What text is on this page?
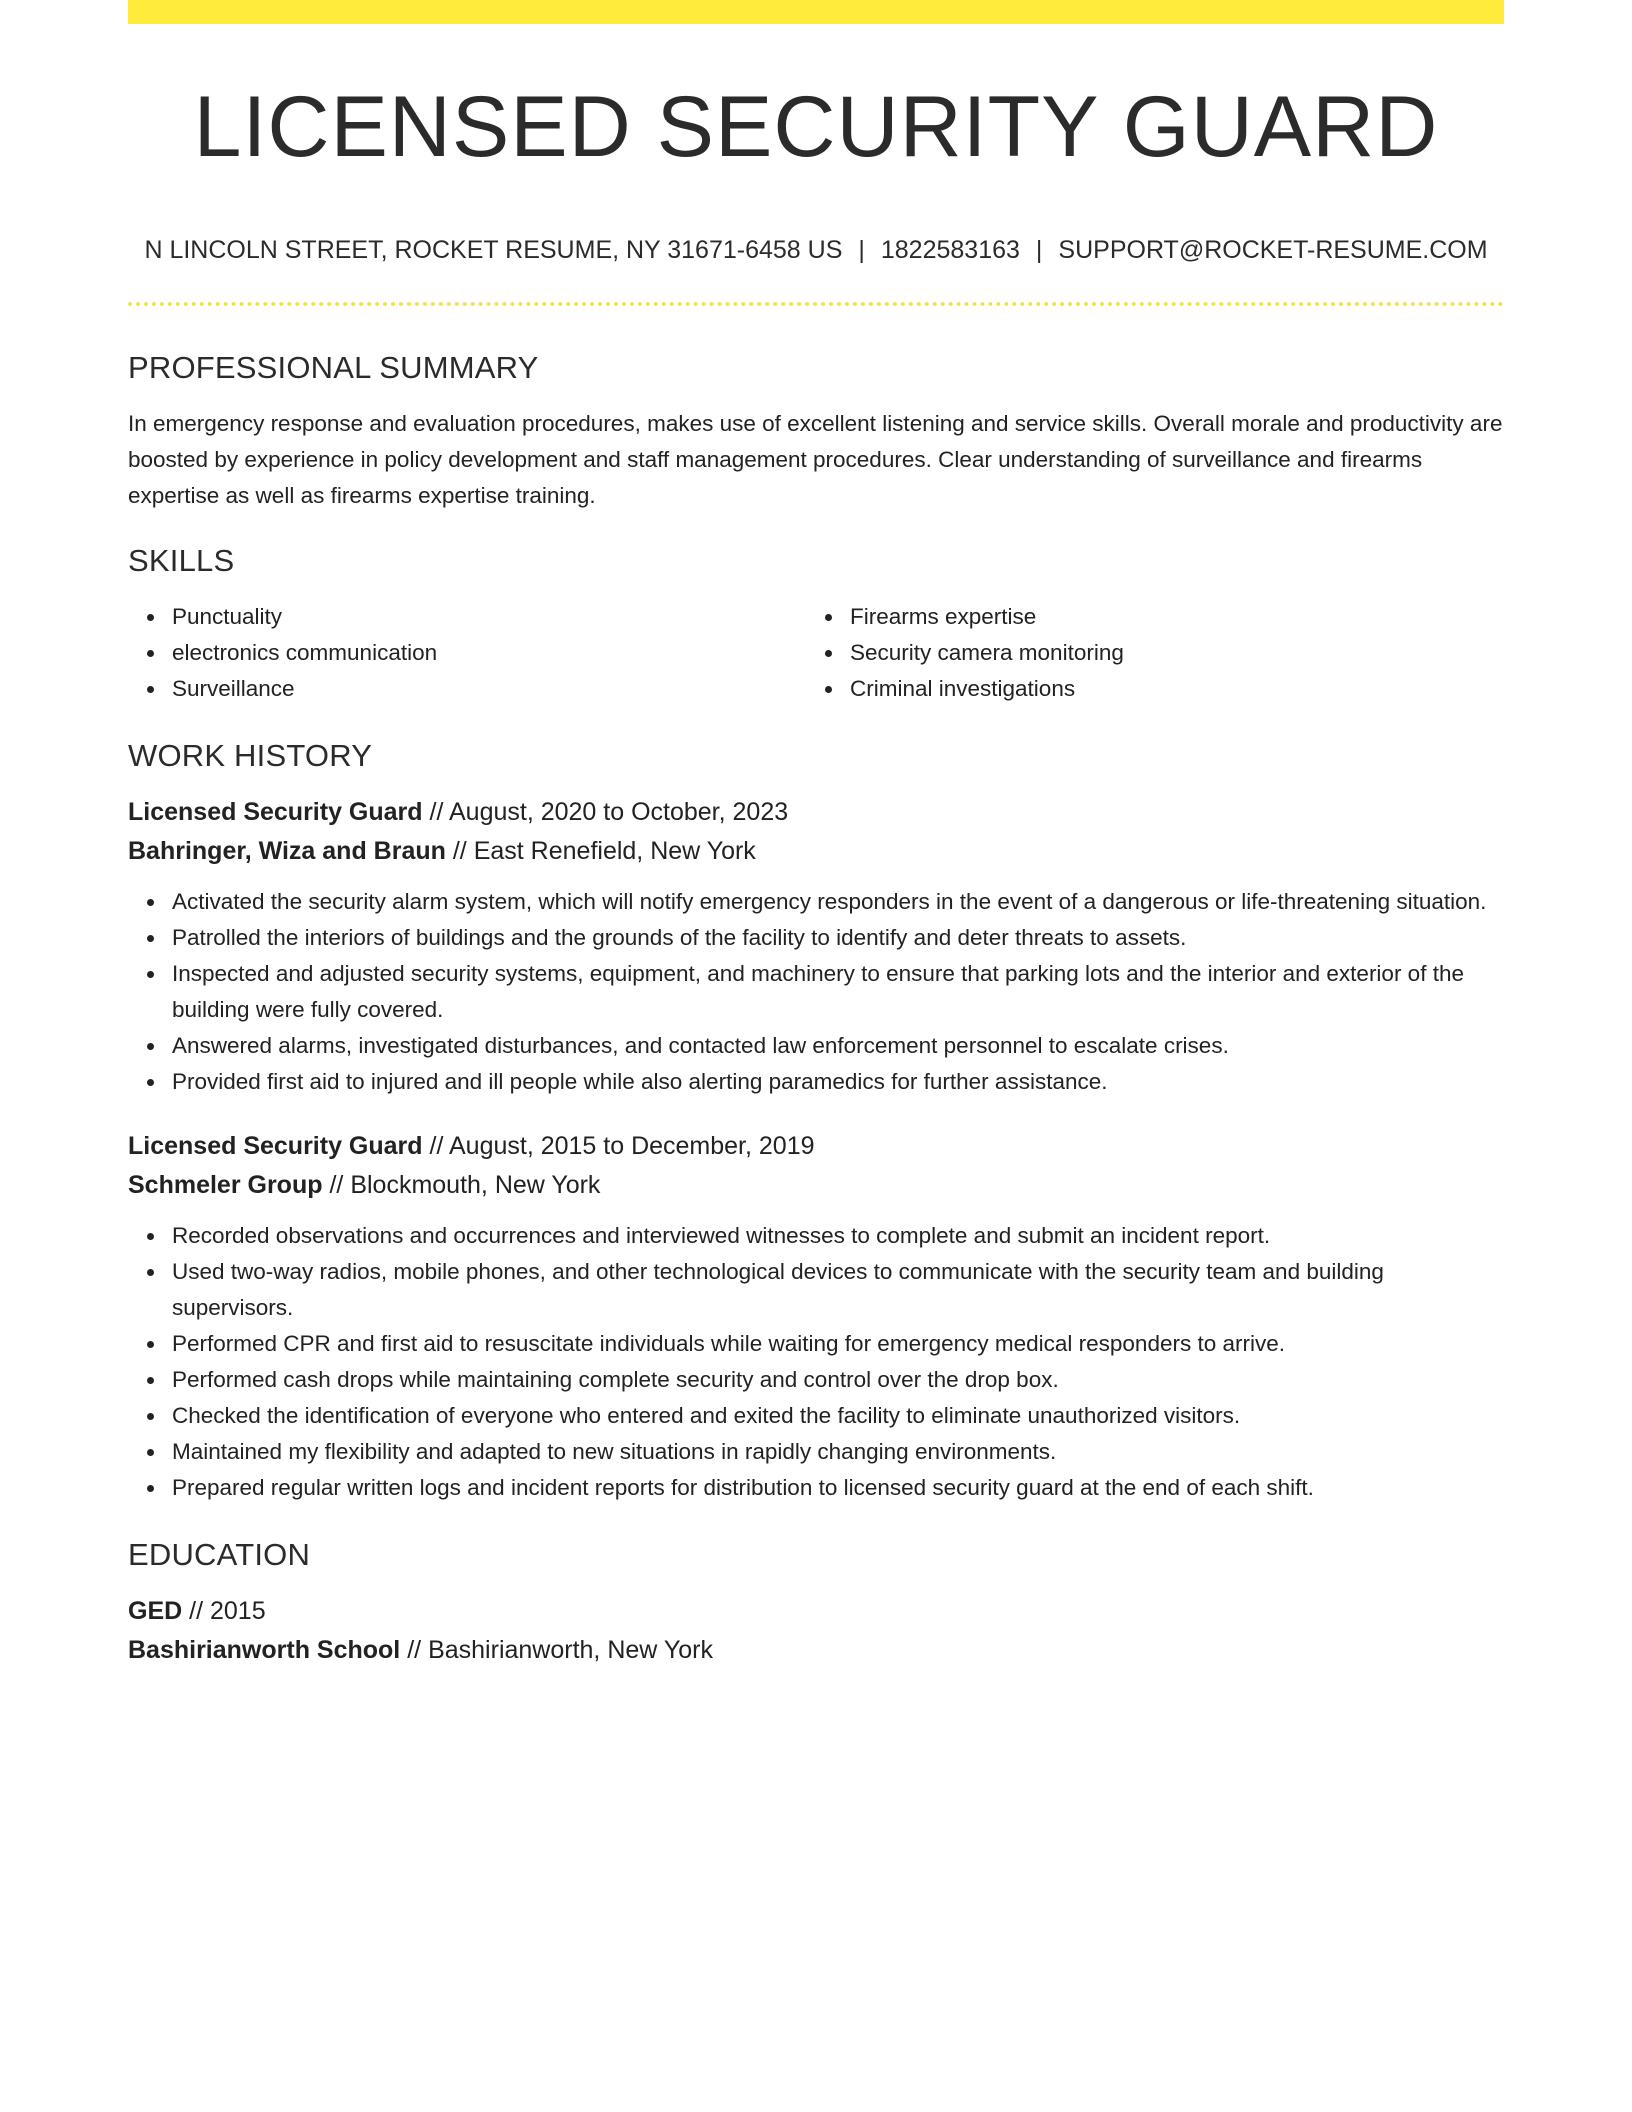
LICENSED SECURITY GUARD
N LINCOLN STREET, ROCKET RESUME, NY 31671-6458 US | 1822583163 | SUPPORT@ROCKET-RESUME.COM
PROFESSIONAL SUMMARY

In emergency response and evaluation procedures, makes use of excellent listening and service skills. Overall morale and productivity are boosted by experience in policy development and staff management procedures. Clear understanding of surveillance and firearms expertise as well as firearms expertise training.

SKILLS
Punctuality
electronics communication
Surveillance
Firearms expertise
Security camera monitoring
Criminal investigations
WORK HISTORY

Licensed Security Guard // August, 2020 to October, 2023

Bahringer, Wiza and Braun // East Renefield, New York

Activated the security alarm system, which will notify emergency responders in the event of a dangerous or life-threatening situation.
Patrolled the interiors of buildings and the grounds of the facility to identify and deter threats to assets.
Inspected and adjusted security systems, equipment, and machinery to ensure that parking lots and the interior and exterior of the building were fully covered.
Answered alarms, investigated disturbances, and contacted law enforcement personnel to escalate crises.
Provided first aid to injured and ill people while also alerting paramedics for further assistance.

Licensed Security Guard // August, 2015 to December, 2019

Schmeler Group // Blockmouth, New York

Recorded observations and occurrences and interviewed witnesses to complete and submit an incident report.
Used two-way radios, mobile phones, and other technological devices to communicate with the security team and building supervisors.
Performed CPR and first aid to resuscitate individuals while waiting for emergency medical responders to arrive.
Performed cash drops while maintaining complete security and control over the drop box.
Checked the identification of everyone who entered and exited the facility to eliminate unauthorized visitors.
Maintained my flexibility and adapted to new situations in rapidly changing environments.
Prepared regular written logs and incident reports for distribution to licensed security guard at the end of each shift.
EDUCATION

GED // 2015

Bashirianworth School // Bashirianworth, New York
